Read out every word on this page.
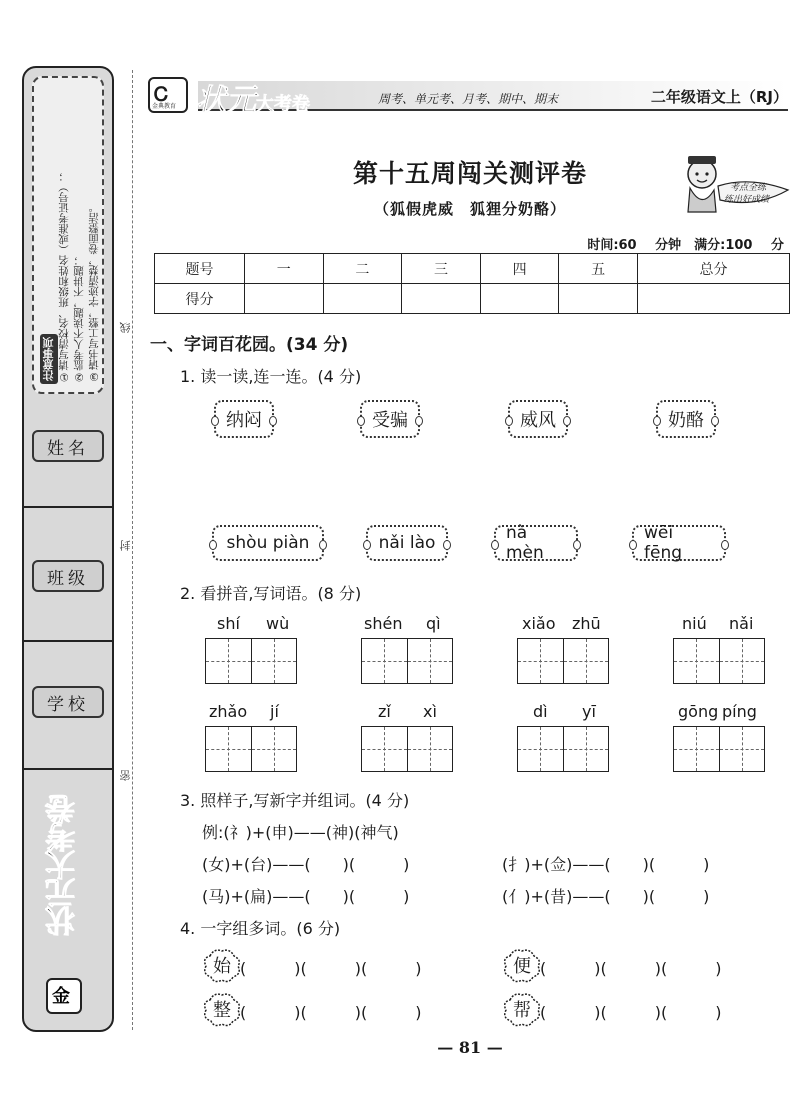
注意事项 ①请写清校名、班级和姓名（或准考证号）； ②监考人不读题，不讲题； ③请书写工整，字迹清楚，卷面整洁。
姓名
班级
学校
状元大考卷
金
线
封
密
Ꮯ
金典教育 状元大考卷	周考、单元考、月考、期中、期末	二年级语文上（RJ）
第十五周闯关测评卷
（狐假虎威　狐狸分奶酪）
考点全练
练出好成绩
时间:60 分钟　满分:100 分
题号	一	二	三	四	五	总分
得分						
一、字词百花园。(34 分)
1. 读一读,连一连。(4 分)
纳闷	受骗	威风	奶酪
shòu piàn	nǎi lào	nà mèn
wēi fēng
2. 看拼音,写词语。(8 分)
shí wù	shén qì	xiǎo zhū	niú nǎi
zhǎo jí	zǐ xì	dì yī	gōng píng
3. 照样子,写新字并组词。(4 分)
例:(礻)+(申)——(神)(神气)
(女)+(台)——(　　)(　　　)	(扌)+(佥)——(　　)(　　　)
(马)+(扁)——(　　)(　　　)	(亻)+(昔)——(　　)(　　　)
4. 一字组多词。(6 分)
始 (　　　)(　　　)(　　　)	便 (　　　)(　　　)(　　　)
整 (　　　)(　　　)(　　　)	帮 (　　　)(　　　)(　　　)
— 81 —
